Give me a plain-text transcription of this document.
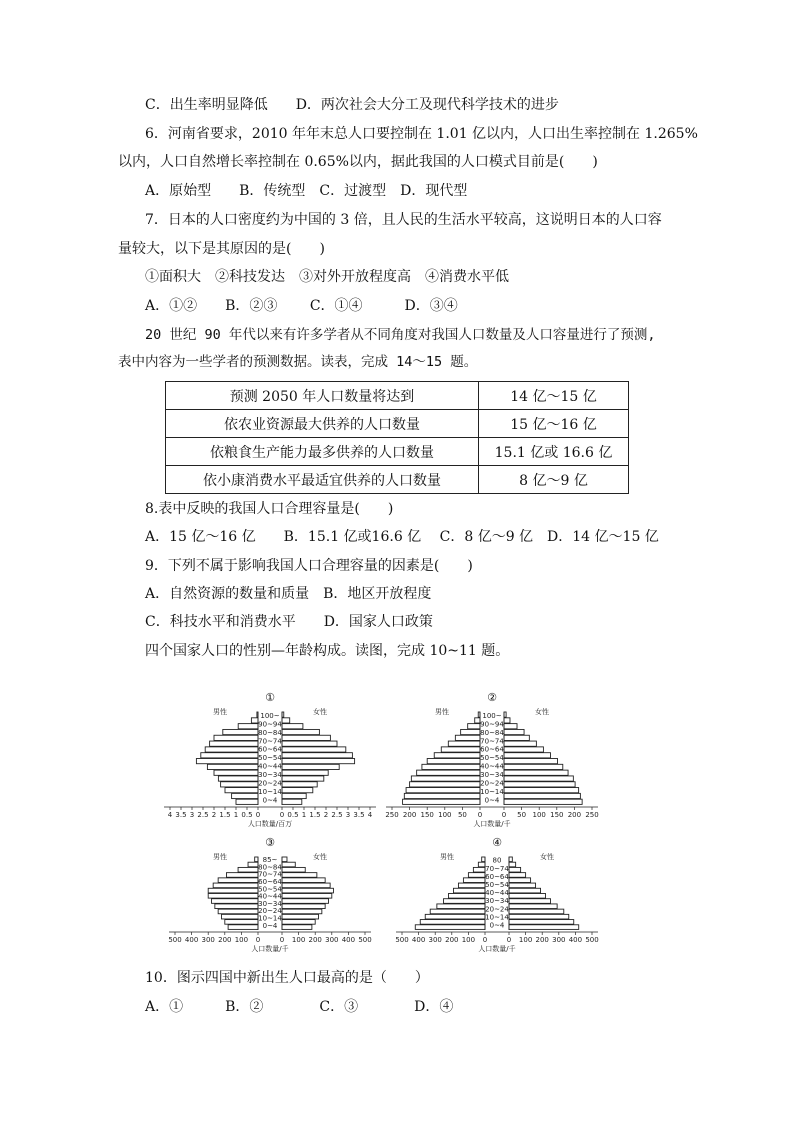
C．出生率明显降低　　D．两次社会大分工及现代科学技术的进步
6．河南省要求，2010 年年末总人口要控制在 1.01 亿以内，人口出生率控制在 1.265%
以内，人口自然增长率控制在 0.65%以内，据此我国的人口模式目前是(　　)
A．原始型　　B．传统型　C．过渡型　D．现代型
7．日本的人口密度约为中国的 3 倍，且人民的生活水平较高，这说明日本的人口容
量较大，以下是其原因的是(　　)
①面积大　②科技发达　③对外开放程度高　④消费水平低
A．①②　　B．②③　　 C．①④　　　D．③④
20 世纪 90 年代以来有许多学者从不同角度对我国人口数量及人口容量进行了预测,
表中内容为一些学者的预测数据。读表，完成 14～15 题。
预测 2050 年人口数量将达到	14 亿～15 亿
依农业资源最大供养的人口数量	15 亿～16 亿
依粮食生产能力最多供养的人口数量	15.1 亿或 16.6 亿
依小康消费水平最适宜供养的人口数量	8 亿～9 亿
8.表中反映的我国人口合理容量是(　　)
A．15 亿～16 亿　　B．15.1 亿或16.6 亿　 C．8 亿～9 亿　D．14 亿～15 亿
9．下列不属于影响我国人口合理容量的因素是(　　)
A．自然资源的数量和质量　B．地区开放程度
C．科技水平和消费水平　　D．国家人口政策
四个国家人口的性别—年龄构成。读图，完成 10~11 题。
①
男性	女性
100~
90~94
80~84
70~74
60~64
50~54
40~44
30~34
20~24
10~14
0~4
4 3.5 3 2.5 2 1.5 1 0.5 0	0 0.5 1 1.5 2 2.5 3 3.5 4
人口数量/百万
②
男性	女性
100~
90~94
80~84
70~74
60~64
50~54
40~44
30~34
20~24
10~14
0~4
250 200 150 100 50 0	0 50 100 150 200 250
人口数量/千
③
男性	女性
85~
80~84
70~74
60~64
50~54
40~44
30~34
20~24
10~14
0~4
500 400 300 200 100 0	0 100 200 300 400 500
人口数量/千
④
男性	女性
80
70~74
60~64
50~54
40~44
30~34
20~24
10~14
0~4
500 400 300 200 100 0	0 100 200 300 400 500
人口数量/千
10．图示四国中新出生人口最高的是（　　）
A．①　　　B．②　　　　C．③　　　　D．④
